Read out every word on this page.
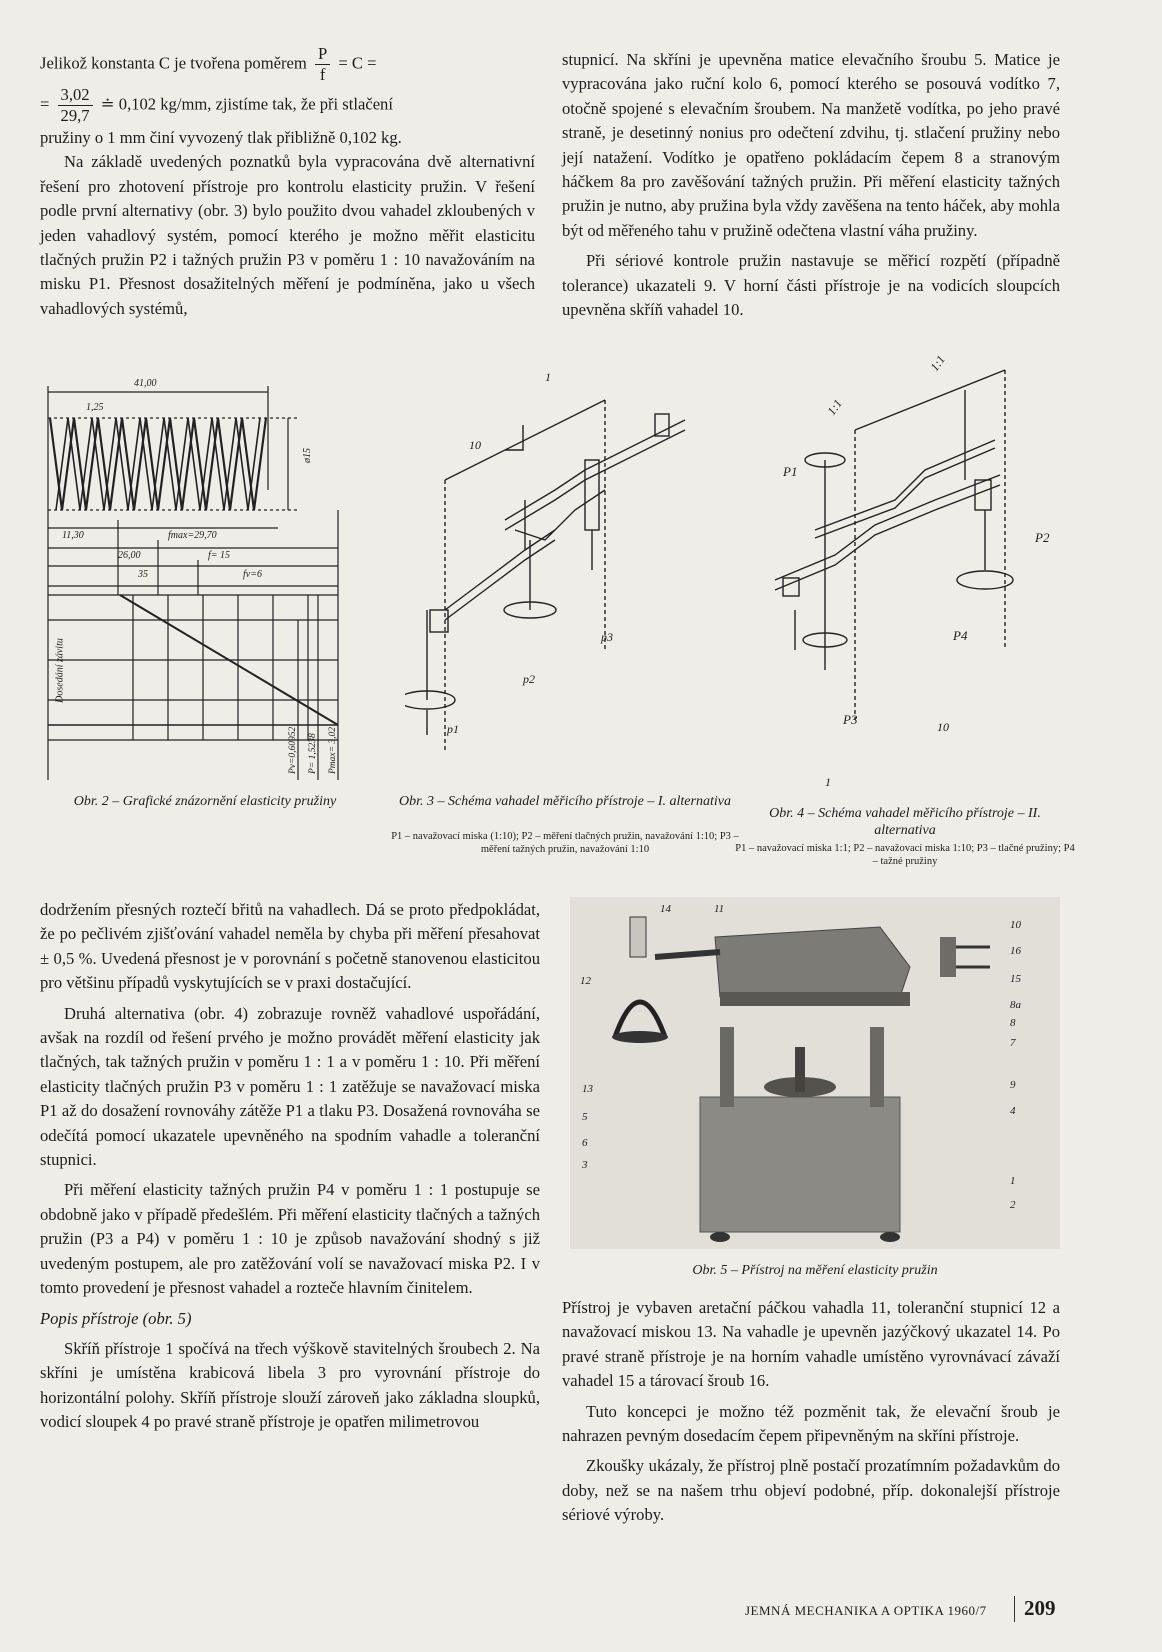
Jelikož konstanta C je tvořena poměrem $\frac{P}{f} = C$ =

= $\frac{3,02}{29,7}$ ≐ 0,102 kg/mm, zjistíme tak, že při stlačení

pružiny o 1 mm činí vyvozený tlak přibližně 0,102 kg.

Na základě uvedených poznatků byla vypracována dvě alternativní řešení pro zhotovení přístroje pro kontrolu elasticity pružin. V řešení podle první alternativy (obr. 3) bylo použito dvou vahadel zkloubených v jeden vahadlový systém, pomocí kterého je možno měřit elasticitu tlačných pružin P2 i tažných pružin P3 v poměru 1 : 10 navažováním na misku P1. Přesnost dosažitelných měření je podmíněna, jako u všech vahadlových systémů,

stupnicí. Na skříni je upevněna matice elevačního šroubu 5. Matice je vypracována jako ruční kolo 6, pomocí kterého se posouvá vodítko 7, otočně spojené s elevačním šroubem. Na manžetě vodítka, po jeho pravé straně, je desetinný nonius pro odečtení zdvihu, tj. stlačení pružiny nebo její natažení. Vodítko je opatřeno pokládacím čepem 8 a stranovým háčkem 8a pro zavěšování tažných pružin. Při měření elasticity tažných pružin je nutno, aby pružina byla vždy zavěšena na tento háček, aby mohla být od měřeného tahu v pružině odečtena vlastní váha pružiny.

Při sériové kontrole pružin nastavuje se měřicí rozpětí (případně tolerance) ukazateli 9. V horní části přístroje je na vodicích sloupcích upevněna skříň vahadel 10.

41,00
1,25
ø15
11,30	fmax=29,70
26,00	f= 15
35	fv=6
Dosedání závitu
Pv=0,60952 P= 1,5238 Pmax= 3,02
Obr. 2 – Grafické znázornění elasticity pružiny
10
1
p1
p2
p3
Obr. 3 – Schéma vahadel měřicího přístroje – I. alternativa
P1 – navažovací miska (1:10); P2 – měření tlačných pružin, navažování 1:10; P3 – měření tažných pružin, navažování 1:10
1:1
1:1
P1
P2
P3
P4
10
1
Obr. 4 – Schéma vahadel měřicího přístroje – II. alternativa
P1 – navažovací miska 1:1; P2 – navažovací miska 1:10; P3 – tlačné pružiny; P4 – tažné pružiny
14	11
10
16
15
12
8a
8
7
13	9
4
5
6
3
1
2
Obr. 5 – Přístroj na měření elasticity pružin

dodržením přesných roztečí břitů na vahadlech. Dá se proto předpokládat, že po pečlivém zjišťování vahadel neměla by chyba při měření přesahovat ± 0,5 %. Uvedená přesnost je v porovnání s početně stanovenou elasticitou pro většinu případů vyskytujících se v praxi dostačující.

Druhá alternativa (obr. 4) zobrazuje rovněž vahadlové uspořádání, avšak na rozdíl od řešení prvého je možno provádět měření elasticity jak tlačných, tak tažných pružin v poměru 1 : 1 a v poměru 1 : 10. Při měření elasticity tlačných pružin P3 v poměru 1 : 1 zatěžuje se navažovací miska P1 až do dosažení rovnováhy zátěže P1 a tlaku P3. Dosažená rovnováha se odečítá pomocí ukazatele upevněného na spodním vahadle a toleranční stupnici.

Při měření elasticity tažných pružin P4 v poměru 1 : 1 postupuje se obdobně jako v případě předešlém. Při měření elasticity tlačných a tažných pružin (P3 a P4) v poměru 1 : 10 je způsob navažování shodný s již uvedeným postupem, ale pro zatěžování volí se navažovací miska P2. I v tomto provedení je přesnost vahadel a rozteče hlavním činitelem.

Popis přístroje (obr. 5)

Skříň přístroje 1 spočívá na třech výškově stavitelných šroubech 2. Na skříni je umístěna krabicová libela 3 pro vyrovnání přístroje do horizontální polohy. Skříň přístroje slouží zároveň jako základna sloupků, vodicí sloupek 4 po pravé straně přístroje je opatřen milimetrovou

Přístroj je vybaven aretační páčkou vahadla 11, toleranční stupnicí 12 a navažovací miskou 13. Na vahadle je upevněn jazýčkový ukazatel 14. Po pravé straně přístroje je na horním vahadle umístěno vyrovnávací závaží vahadel 15 a tárovací šroub 16.

Tuto koncepci je možno též pozměnit tak, že elevační šroub je nahrazen pevným dosedacím čepem připevněným na skříni přístroje.

Zkoušky ukázaly, že přístroj plně postačí prozatímním požadavkům do doby, než se na našem trhu objeví podobné, příp. dokonalejší přístroje sériové výroby.

JEMNÁ MECHANIKA A OPTIKA 1960/7 209
